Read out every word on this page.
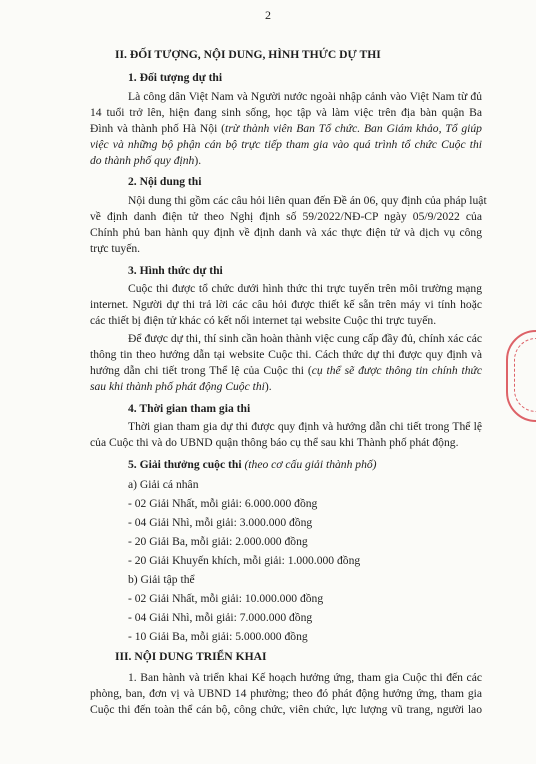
2
II. ĐỐI TƯỢNG, NỘI DUNG, HÌNH THỨC DỰ THI
1. Đối tượng dự thi
Là công dân Việt Nam và Người nước ngoài nhập cảnh vào Việt Nam từ đủ
14 tuổi trở lên, hiện đang sinh sống, học tập và làm việc trên địa bàn quận Ba
Đình và thành phố Hà Nội (trừ thành viên Ban Tổ chức. Ban Giám khảo, Tổ giúp
việc và những bộ phận cán bộ trực tiếp tham gia vào quá trình tổ chức Cuộc thi
do thành phố quy định).
2. Nội dung thi
Nội dung thi gồm các câu hỏi liên quan đến Đề án 06, quy định của pháp luật
về định danh điện tử theo Nghị định số 59/2022/NĐ-CP ngày 05/9/2022 của
Chính phủ ban hành quy định về định danh và xác thực điện tử và dịch vụ công
trực tuyến.
3. Hình thức dự thi
Cuộc thi được tổ chức dưới hình thức thi trực tuyến trên môi trường mạng
internet. Người dự thi trả lời các câu hỏi được thiết kế sẵn trên máy vi tính hoặc
các thiết bị điện tử khác có kết nối internet tại website Cuộc thi trực tuyến.
Để được dự thi, thí sinh cần hoàn thành việc cung cấp đầy đủ, chính xác các
thông tin theo hướng dẫn tại website Cuộc thi. Cách thức dự thi được quy định và
hướng dẫn chi tiết trong Thể lệ của Cuộc thi (cụ thể sẽ được thông tin chính thức
sau khi thành phố phát động Cuộc thi).
4. Thời gian tham gia thi
Thời gian tham gia dự thi được quy định và hướng dẫn chi tiết trong Thể lệ
của Cuộc thi và do UBND quận thông báo cụ thể sau khi Thành phố phát động.
5. Giải thưởng cuộc thi (theo cơ cấu giải thành phố)
a) Giải cá nhân
- 02 Giải Nhất, mỗi giải: 6.000.000 đồng
- 04 Giải Nhì, mỗi giải: 3.000.000 đồng
- 20 Giải Ba, mỗi giải: 2.000.000 đồng
- 20 Giải Khuyến khích, mỗi giải: 1.000.000 đồng
b) Giải tập thể
- 02 Giải Nhất, mỗi giải: 10.000.000 đồng
- 04 Giải Nhì, mỗi giải: 7.000.000 đồng
- 10 Giải Ba, mỗi giải: 5.000.000 đồng
III. NỘI DUNG TRIỂN KHAI
1. Ban hành và triển khai Kế hoạch hưởng ứng, tham gia Cuộc thi đến các
phòng, ban, đơn vị và UBND 14 phường; theo đó phát động hưởng ứng, tham gia
Cuộc thi đến toàn thể cán bộ, công chức, viên chức, lực lượng vũ trang, người lao
